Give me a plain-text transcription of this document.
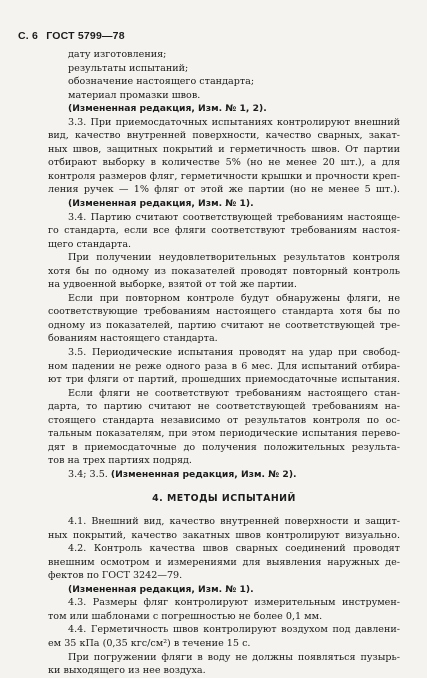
С. 6 ГОСТ 5799—78
дату изготовления;
результаты испытаний;
обозначение настоящего стандарта;
материал промазки швов.
(Измененная редакция, Изм. № 1, 2).
3.3. При приемосдаточных испытаниях контролируют внешний
вид, качество внутренней поверхности, качество сварных, закат-
ных швов, защитных покрытий и герметичность швов. От партии
отбирают выборку в количестве 5% (но не менее 20 шт.), а для
контроля размеров фляг, герметичности крышки и прочности креп-
ления ручек — 1% фляг от этой же партии (но не менее 5 шт.).
(Измененная редакция, Изм. № 1).
3.4. Партию считают соответствующей требованиям настояще-
го стандарта, если все фляги соответствуют требованиям настоя-
щего стандарта.
При получении неудовлетворительных результатов контроля
хотя бы по одному из показателей проводят повторный контроль
на удвоенной выборке, взятой от той же партии.
Если при повторном контроле будут обнаружены фляги, не
соответствующие требованиям настоящего стандарта хотя бы по
одному из показателей, партию считают не соответствующей тре-
бованиям настоящего стандарта.
3.5. Периодические испытания проводят на удар при свобод-
ном падении не реже одного раза в 6 мес. Для испытаний отбира-
ют три фляги от партий, прошедших приемосдаточные испытания.
Если фляги не соответствуют требованиям настоящего стан-
дарта, то партию считают не соответствующей требованиям на-
стоящего стандарта независимо от результатов контроля по ос-
тальным показателям, при этом периодические испытания перево-
дят в приемосдаточные до получения положительных результа-
тов на трех партиях подряд.
3.4; 3.5. (Измененная редакция, Изм. № 2).
4. МЕТОДЫ ИСПЫТАНИЙ
4.1. Внешний вид, качество внутренней поверхности и защит-
ных покрытий, качество закатных швов контролируют визуально.
4.2. Контроль качества швов сварных соединений проводят
внешним осмотром и измерениями для выявления наружных де-
фектов по ГОСТ 3242—79.
(Измененная редакция, Изм. № 1).
4.3. Размеры фляг контролируют измерительным инструмен-
том или шаблонами с погрешностью не более 0,1 мм.
4.4. Герметичность швов контролируют воздухом под давлени-
ем 35 кПа (0,35 кгс/см²) в течение 15 с.
При погружении фляги в воду не должны появляться пузырь-
ки выходящего из нее воздуха.
